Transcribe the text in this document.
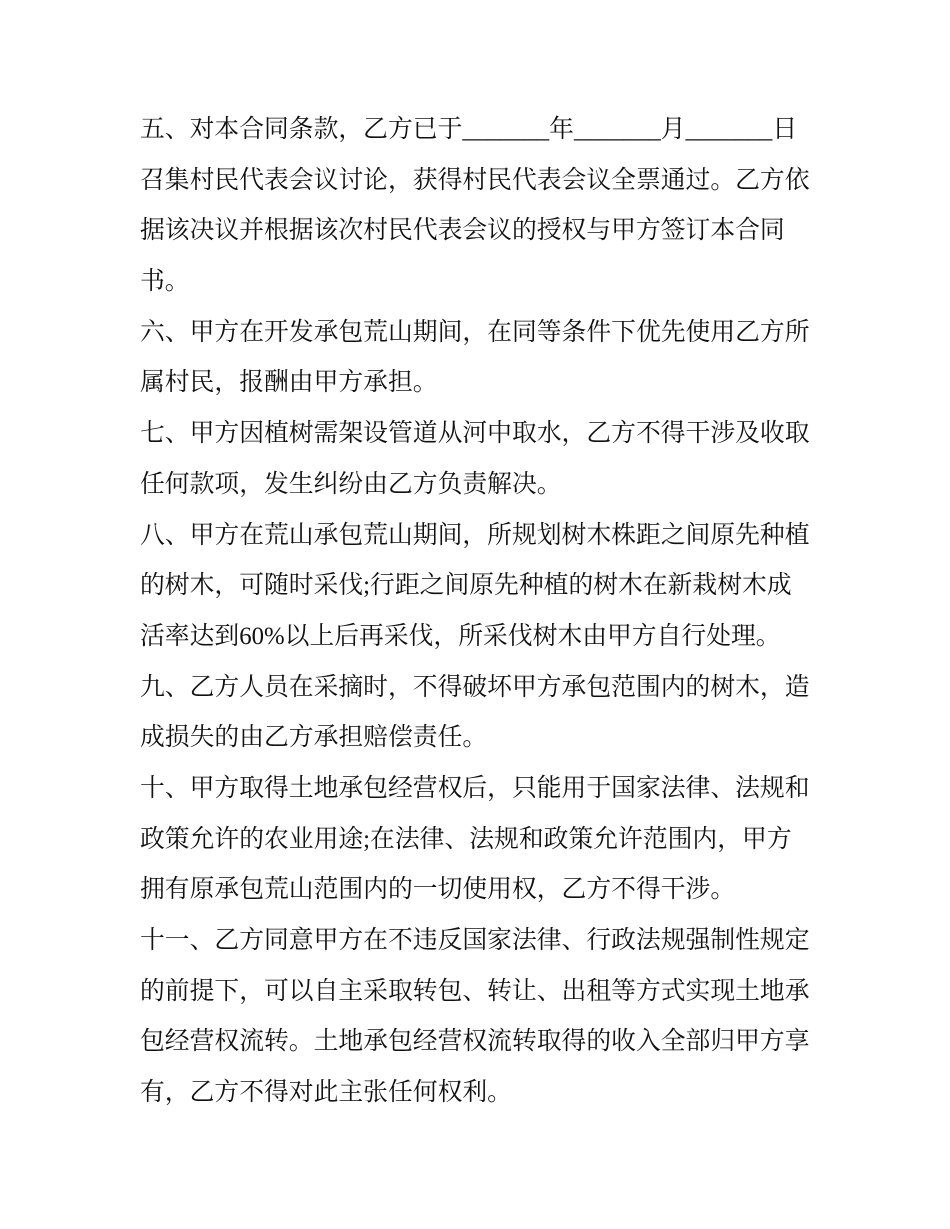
五、对本合同条款，乙方已于_______年_______月_______日
召集村民代表会议讨论，获得村民代表会议全票通过。乙方依
据该决议并根据该次村民代表会议的授权与甲方签订本合同
书。
六、甲方在开发承包荒山期间，在同等条件下优先使用乙方所
属村民，报酬由甲方承担。
七、甲方因植树需架设管道从河中取水，乙方不得干涉及收取
任何款项，发生纠纷由乙方负责解决。
八、甲方在荒山承包荒山期间，所规划树木株距之间原先种植
的树木，可随时采伐;行距之间原先种植的树木在新栽树木成
活率达到60%以上后再采伐，所采伐树木由甲方自行处理。
九、乙方人员在采摘时，不得破坏甲方承包范围内的树木，造
成损失的由乙方承担赔偿责任。
十、甲方取得土地承包经营权后，只能用于国家法律、法规和
政策允许的农业用途;在法律、法规和政策允许范围内，甲方
拥有原承包荒山范围内的一切使用权，乙方不得干涉。
十一、乙方同意甲方在不违反国家法律、行政法规强制性规定
的前提下，可以自主采取转包、转让、出租等方式实现土地承
包经营权流转。土地承包经营权流转取得的收入全部归甲方享
有，乙方不得对此主张任何权利。
